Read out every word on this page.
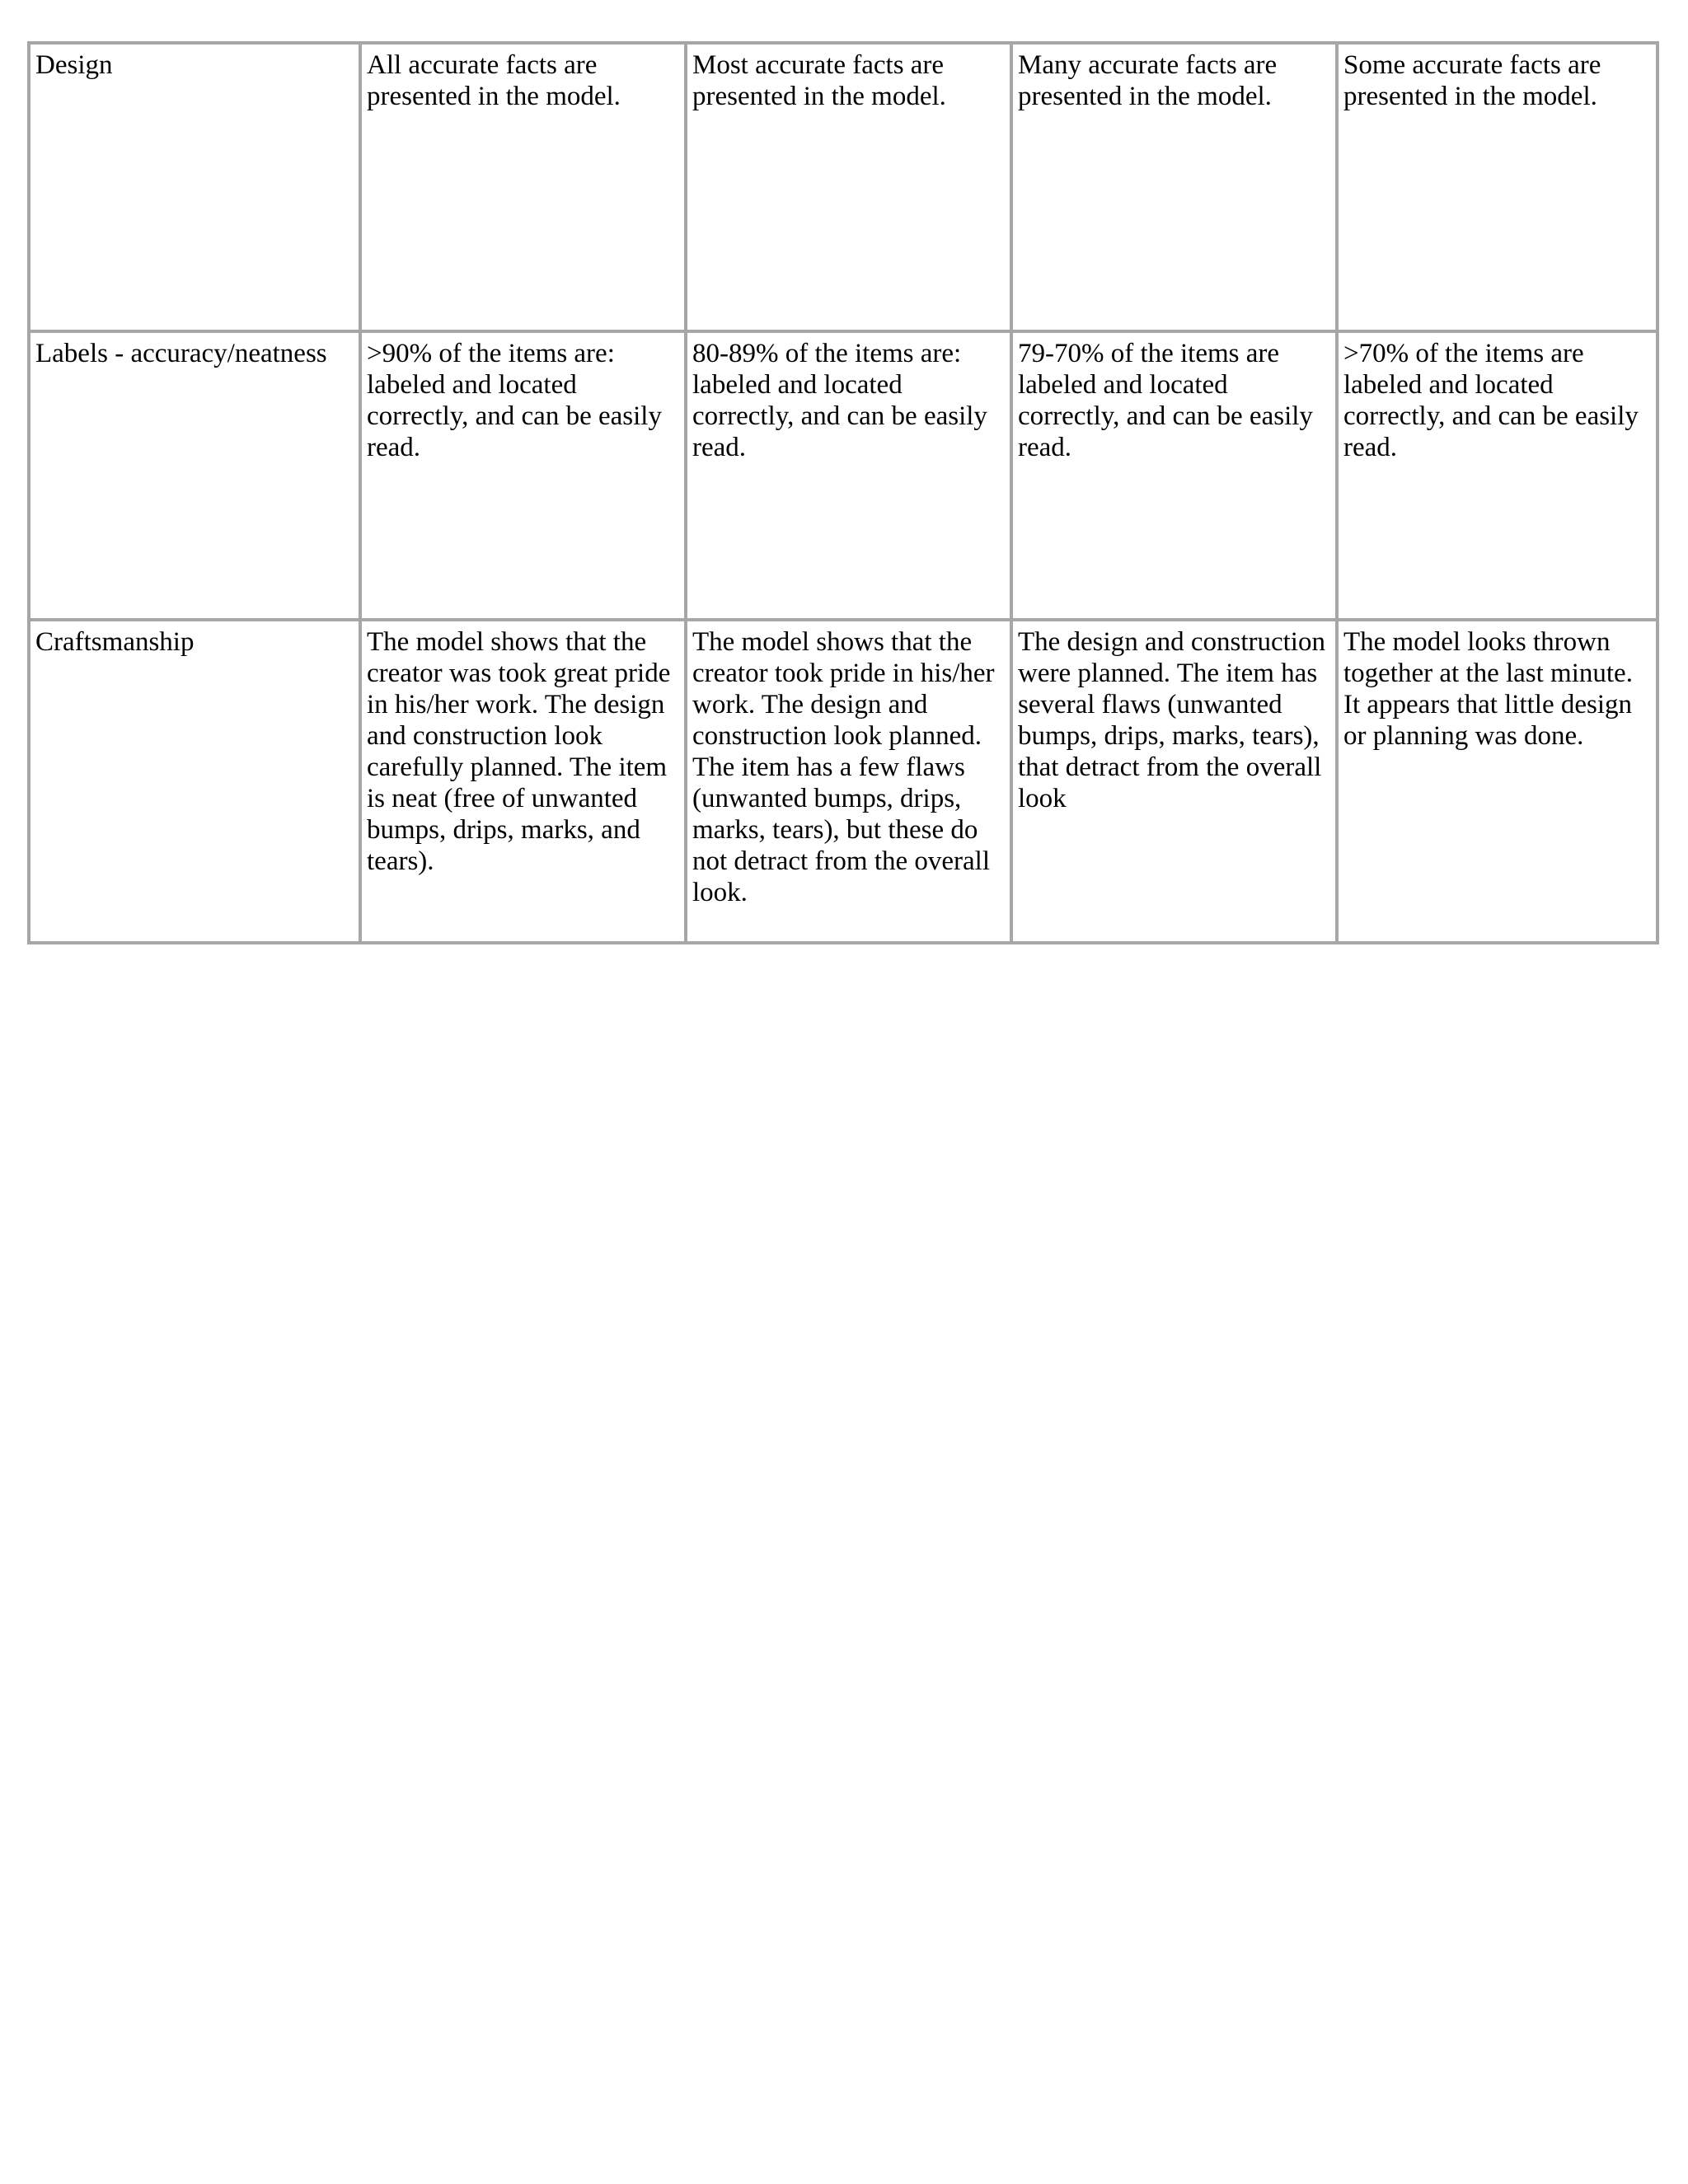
Design	All accurate facts are presented in the model.	Most accurate facts are presented in the model.	Many accurate facts are presented in the model.	Some accurate facts are presented in the model.
Labels - accuracy/neatness	>90% of the items are: labeled and located correctly, and can be easily read.	80-89% of the items are: labeled and located correctly, and can be easily read.	79-70% of the items are labeled and located correctly, and can be easily read.	>70% of the items are labeled and located correctly, and can be easily read.
Craftsmanship	The model shows that the creator was took great pride in his/her work. The design and construction look carefully planned. The item is neat (free of unwanted bumps, drips, marks, and tears).	The model shows that the creator took pride in his/her work. The design and construction look planned. The item has a few flaws (unwanted bumps, drips, marks, tears), but these do not detract from the overall look.	The design and construction were planned. The item has several flaws (unwanted bumps, drips, marks, tears), that detract from the overall look	The model looks thrown together at the last minute. It appears that little design or planning was done.
